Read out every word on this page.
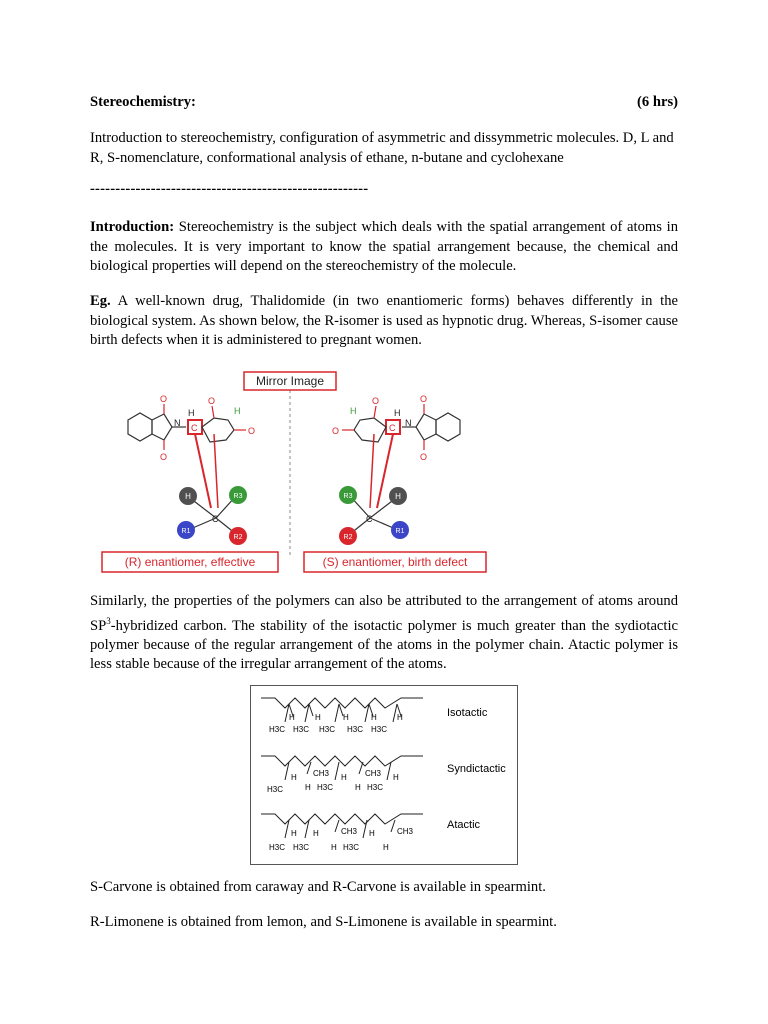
Stereochemistry:	(6 hrs)
Introduction to stereochemistry, configuration of asymmetric and dissymmetric molecules. D, L and R, S-nomenclature, conformational analysis of ethane, n-butane and cyclohexane
-------------------------------------------------------
Introduction: Stereochemistry is the subject which deals with the spatial arrangement of atoms in the molecules. It is very important to know the spatial arrangement because, the chemical and biological properties will depend on the stereochemistry of the molecule.
Eg. A well-known drug, Thalidomide (in two enantiomeric forms) behaves differently in the biological system. As shown below, the R-isomer is used as hypnotic drug. Whereas, S-isomer cause birth defects when it is administered to pregnant women.
Mirror Image
O
O
O
O
N C
H	H
C
H	R3
R1
R2
O
O
O
O
N
C
H
H
C
H
R3
R1
R2
(R) enantiomer, effective	(S) enantiomer, birth defect
Similarly, the properties of the polymers can also be attributed to the arrangement of atoms around $SP^3$-hybridized carbon. The stability of the isotactic polymer is much greater than the sydiotactic polymer because of the regular arrangement of the atoms in the polymer chain. Atactic polymer is less stable because of the irregular arrangement of the atoms.
H	H	H	H	H
H3C H3C H3C H3C H3C
Isotactic
H CH3 H CH3 H
H3C	H H3C	H H3C
Syndictactic
H H	CH3 H	CH3
H3C H3C	H H3C	H
Atactic
S-Carvone is obtained from caraway and R-Carvone is available in spearmint.
R-Limonene is obtained from lemon, and S-Limonene is available in spearmint.
